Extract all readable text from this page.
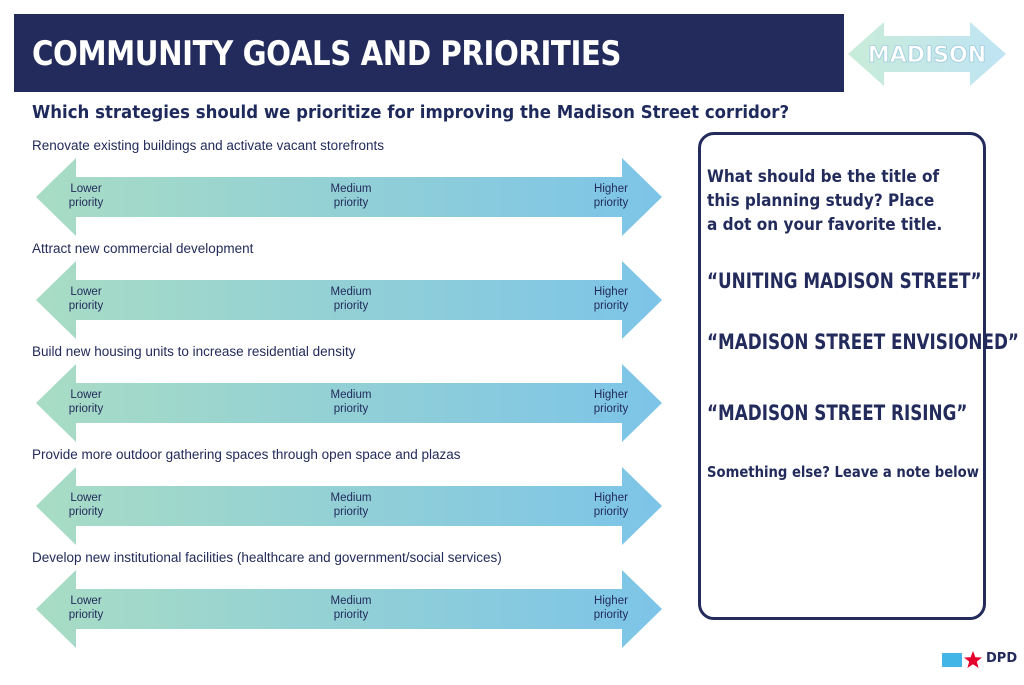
COMMUNITY GOALS AND PRIORITIES	MADISON
Which strategies should we prioritize for improving the Madison Street corridor?
Renovate existing buildings and activate vacant storefronts
Lower
priority
Medium
priority
Higher
priority
Attract new commercial development
Lower
priority
Medium
priority
Higher
priority
Build new housing units to increase residential density
Lower
priority
Medium
priority
Higher
priority
Provide more outdoor gathering spaces through open space and plazas
Lower
priority
Medium
priority
Higher
priority
Develop new institutional facilities (healthcare and government/social services)
Lower
priority
Medium
priority
Higher
priority
What should be the title of this planning study? Place a dot on your favorite title.
“UNITING MADISON STREET”
“MADISON STREET ENVISIONED”
“MADISON STREET RISING”
Something else? Leave a note below
DPD
